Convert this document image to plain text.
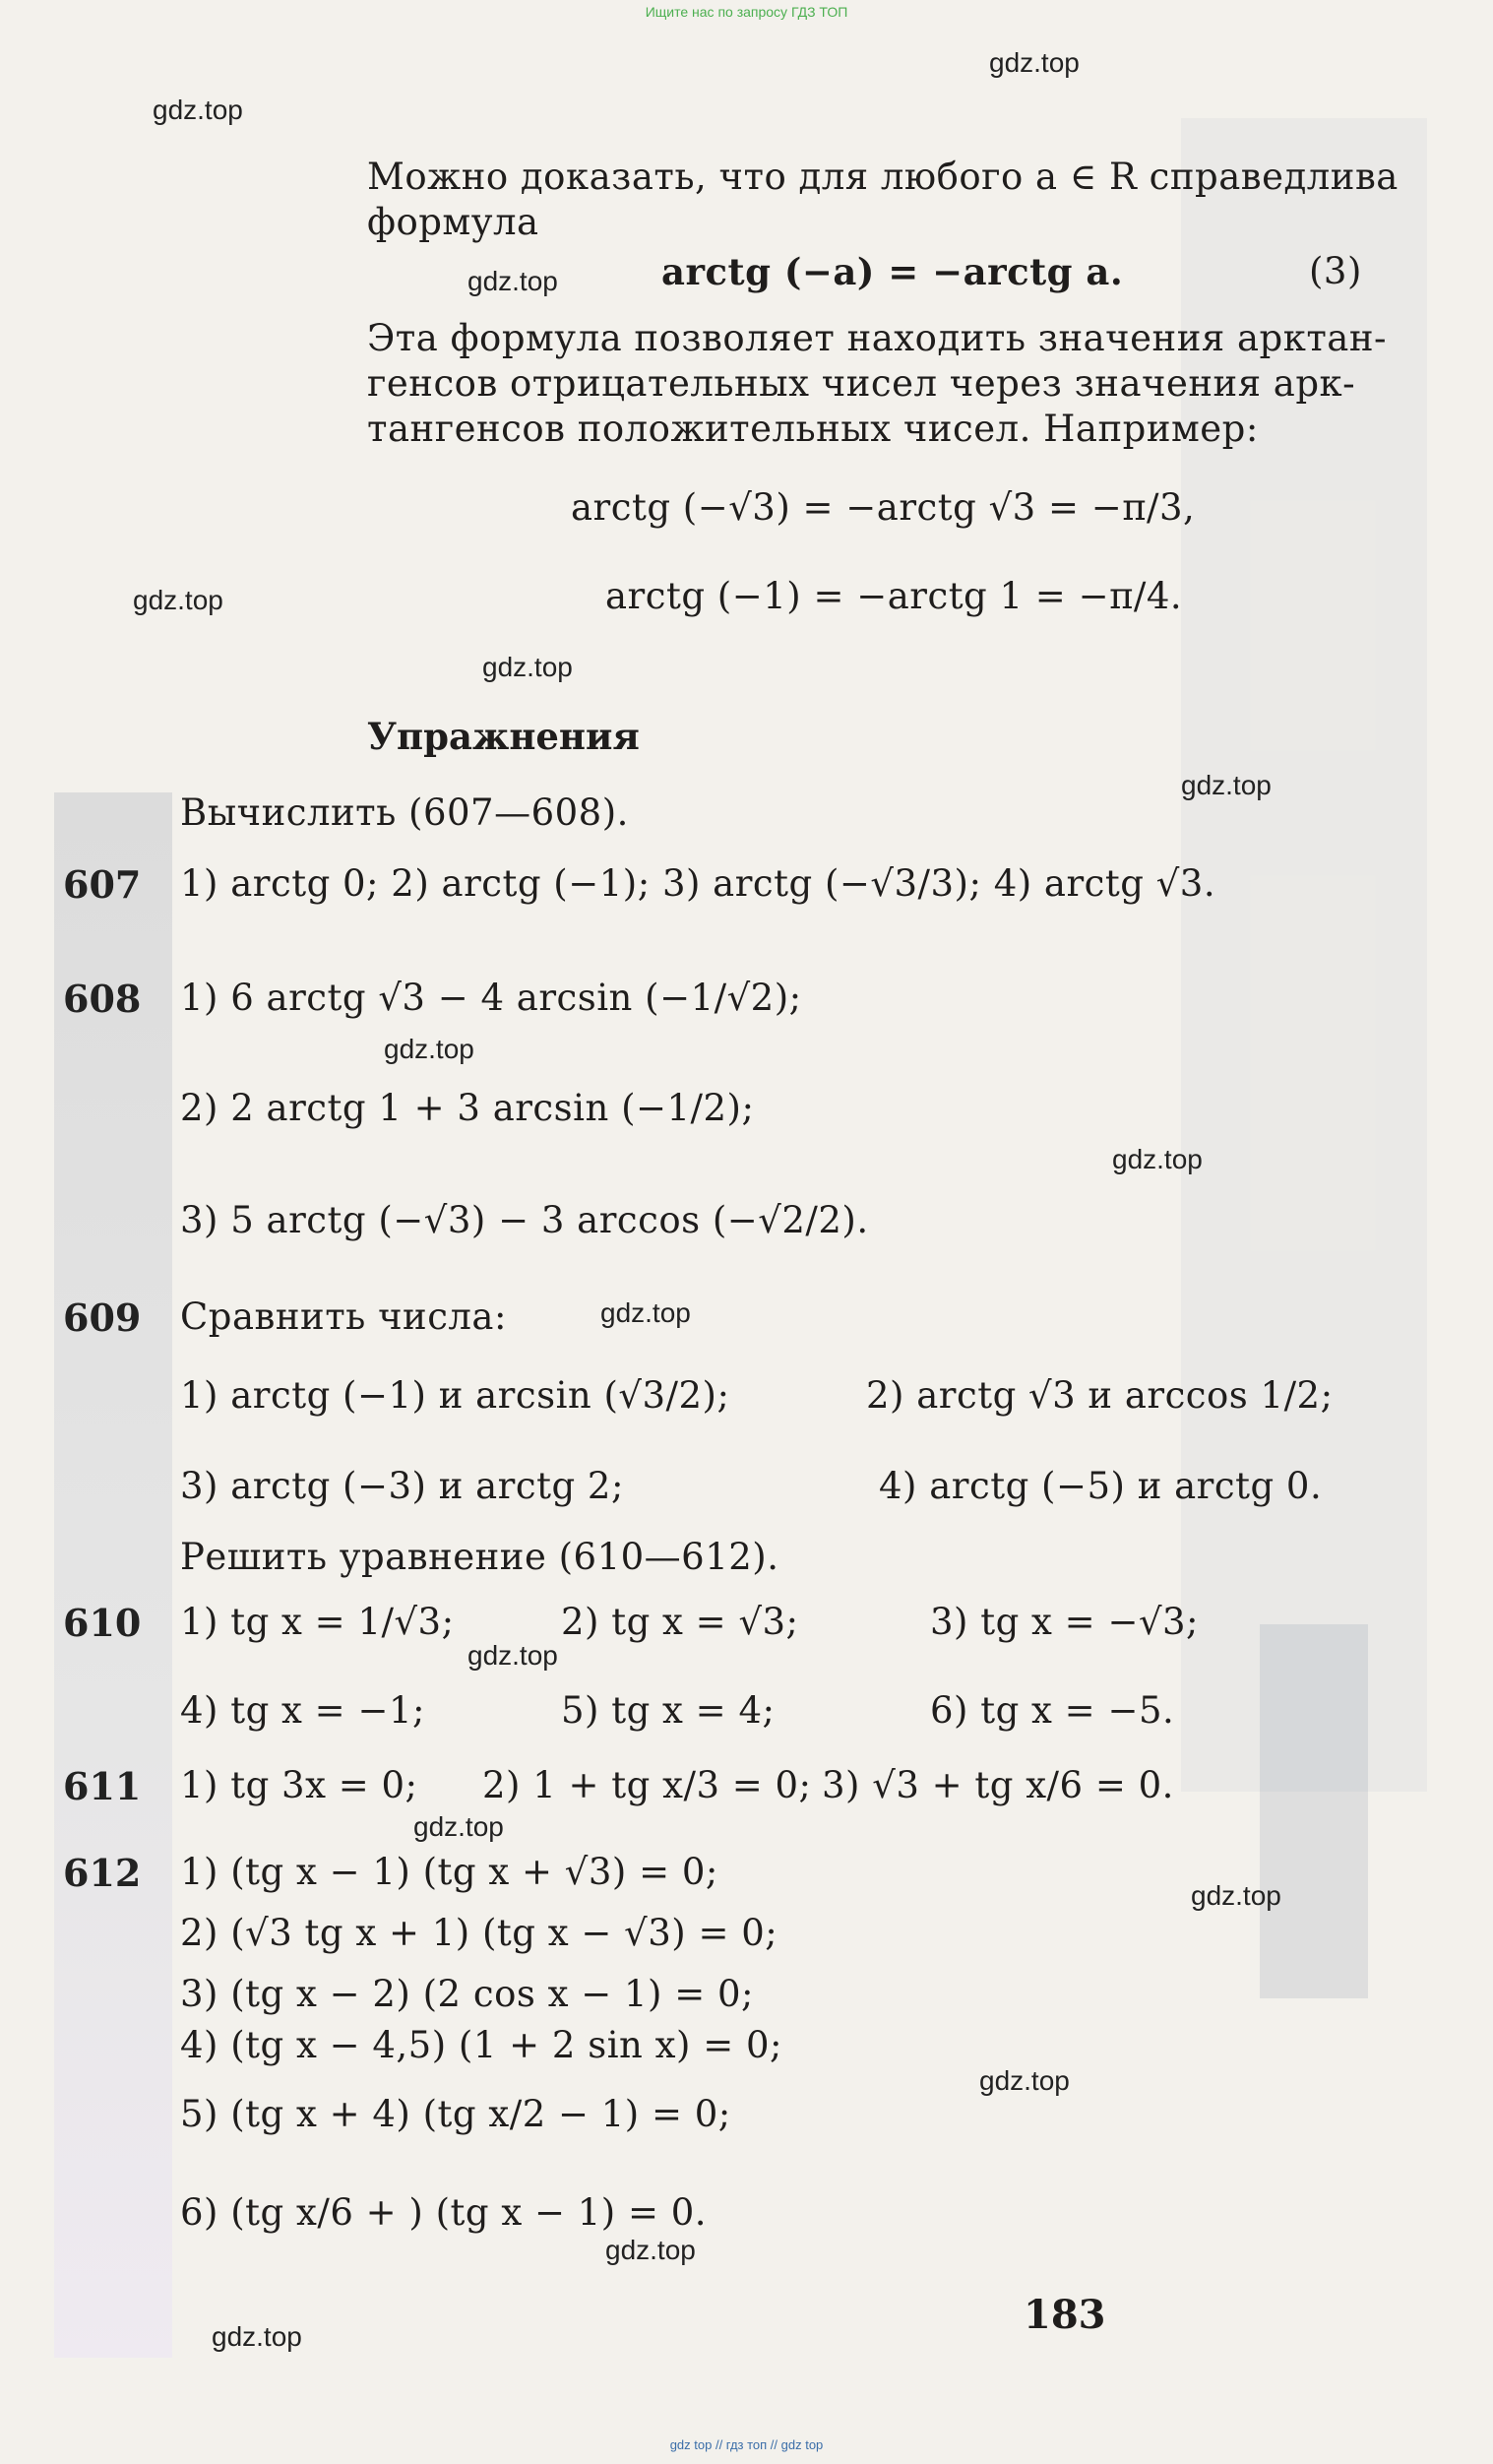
Ищите нас по запросу ГДЗ ТОП
gdz top // гдз топ // gdz top
gdz.top
gdz.top
gdz.top
gdz.top
gdz.top
gdz.top
gdz.top
gdz.top
gdz.top
gdz.top
gdz.top
gdz.top
gdz.top
gdz.top
gdz.top
Можно доказать, что для любого a ∈ R справедлива
формула
arctg (−a) = −arctg a.	(3)
Эта формула позволяет находить значения арктан-
генсов отрицательных чисел через значения арк-
тангенсов положительных чисел. Например:
arctg (−√3) = −arctg √3 = −π/3,
arctg (−1) = −arctg 1 = −π/4.
Упражнения
Вычислить (607—608).
607 1) arctg 0; 2) arctg (−1); 3) arctg (−√3/3); 4) arctg √3.
608 1) 6 arctg √3 − 4 arcsin (−1/√2);
2) 2 arctg 1 + 3 arcsin (−1/2);
3) 5 arctg (−√3) − 3 arccos (−√2/2).
609 Сравнить числа:
1) arctg (−1) и arcsin (√3/2);	2) arctg √3 и arccos 1/2;
3) arctg (−3) и arctg 2;	4) arctg (−5) и arctg 0.
Решить уравнение (610—612).
610 1) tg x = 1/√3;	2) tg x = √3;	3) tg x = −√3;
4) tg x = −1;	5) tg x = 4;	6) tg x = −5.
611 1) tg 3x = 0; 2) 1 + tg x/3 = 0; 3) √3 + tg x/6 = 0.
612 1) (tg x − 1) (tg x + √3) = 0;
2) (√3 tg x + 1) (tg x − √3) = 0;
3) (tg x − 2) (2 cos x − 1) = 0;
4) (tg x − 4,5) (1 + 2 sin x) = 0;
5) (tg x + 4) (tg x/2 − 1) = 0;
6) (tg x/6 + ) (tg x − 1) = 0.
183
